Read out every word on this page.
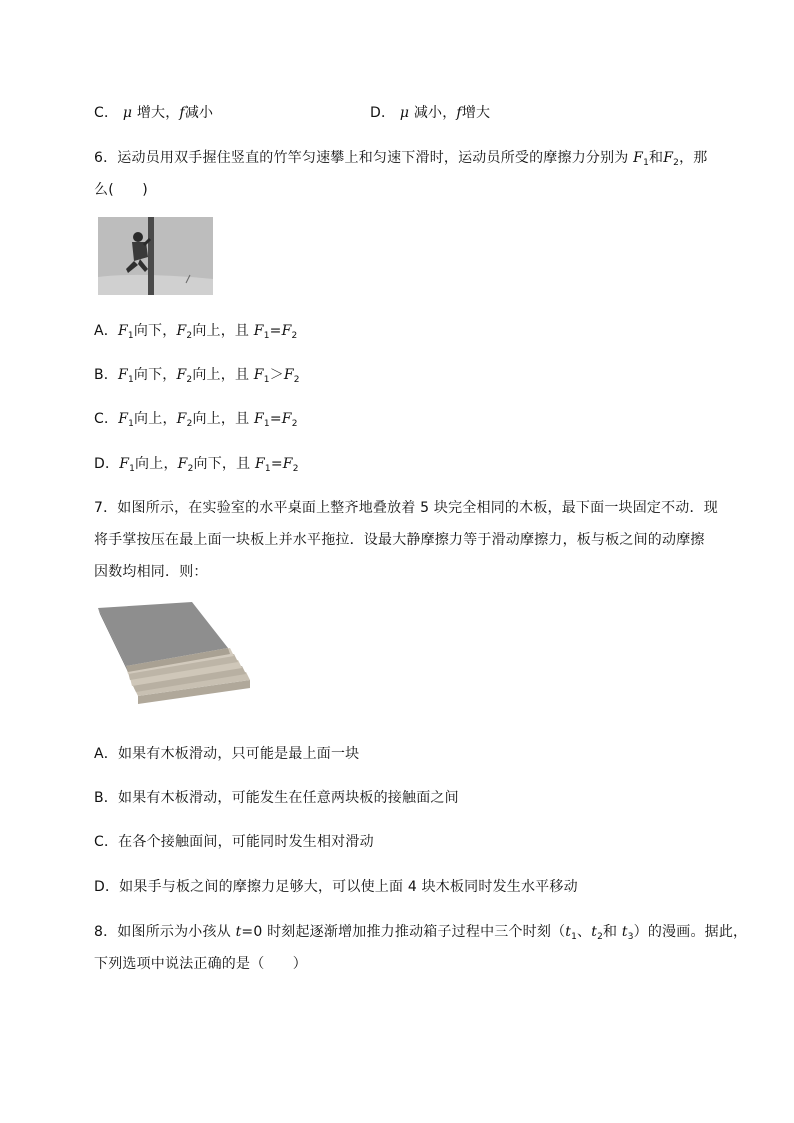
C． μ 增大，f减小	D． μ 减小，f增大
6．运动员用双手握住竖直的竹竿匀速攀上和匀速下滑时，运动员所受的摩擦力分别为 $F_1$和$F_2$，那
么(　　)
A．$F_1$向下，$F_2$向上，且 $F_1=F_2$
B．$F_1$向下，$F_2$向上，且 $F_1>F_2$
C．$F_1$向上，$F_2$向上，且 $F_1=F_2$
D．$F_1$向上，$F_2$向下，且 $F_1=F_2$
7．如图所示，在实验室的水平桌面上整齐地叠放着 5 块完全相同的木板，最下面一块固定不动．现
将手掌按压在最上面一块板上并水平拖拉．设最大静摩擦力等于滑动摩擦力，板与板之间的动摩擦
因数均相同．则：
A．如果有木板滑动，只可能是最上面一块
B．如果有木板滑动，可能发生在任意两块板的接触面之间
C．在各个接触面间，可能同时发生相对滑动
D．如果手与板之间的摩擦力足够大，可以使上面 4 块木板同时发生水平移动
8．如图所示为小孩从 t=0 时刻起逐渐增加推力推动箱子过程中三个时刻（$t_1$、$t_2$和 $t_3$）的漫画。据此，
下列选项中说法正确的是（　　）
